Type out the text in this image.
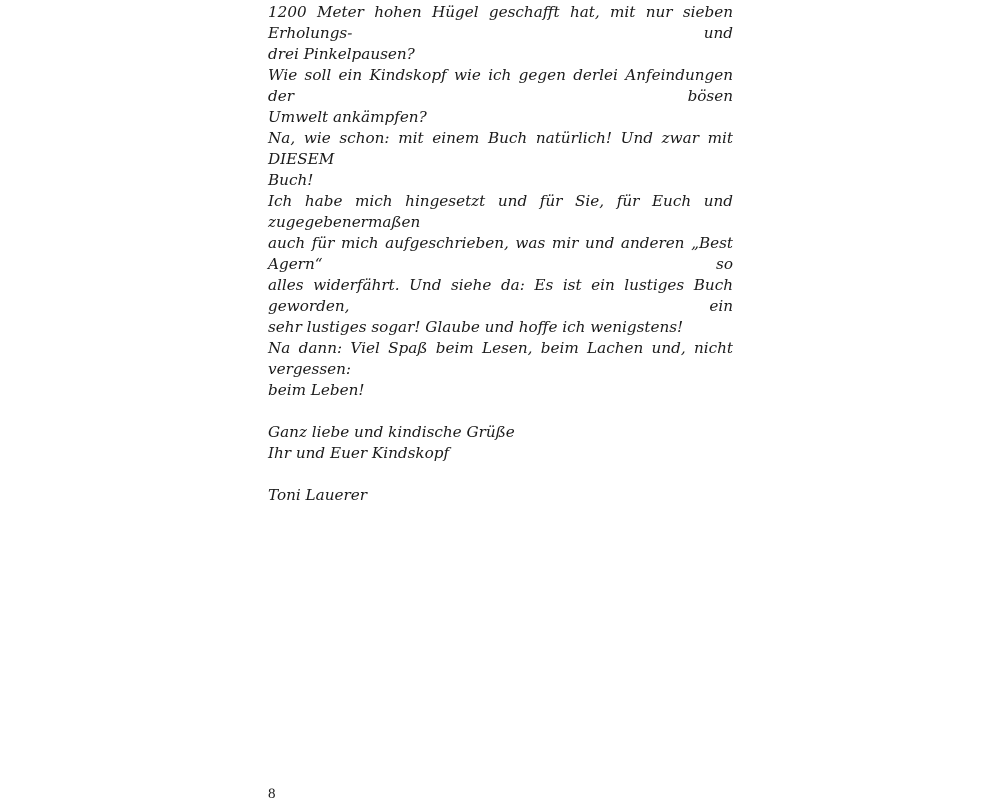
1200 Meter hohen Hügel geschafft hat, mit nur sieben Erholungs- und
drei Pinkelpausen?
Wie soll ein Kindskopf wie ich gegen derlei Anfeindungen der bösen
Umwelt ankämpfen?
Na, wie schon: mit einem Buch natürlich! Und zwar mit DIESEM
Buch!
Ich habe mich hingesetzt und für Sie, für Euch und zugegebenermaßen
auch für mich aufgeschrieben, was mir und anderen „Best Agern“ so
alles widerfährt. Und siehe da: Es ist ein lustiges Buch geworden, ein
sehr lustiges sogar! Glaube und hoffe ich wenigstens!
Na dann: Viel Spaß beim Lesen, beim Lachen und, nicht vergessen:
beim Leben!
Ganz liebe und kindische Grüße
Ihr und Euer Kindskopf
Toni Lauerer
8
